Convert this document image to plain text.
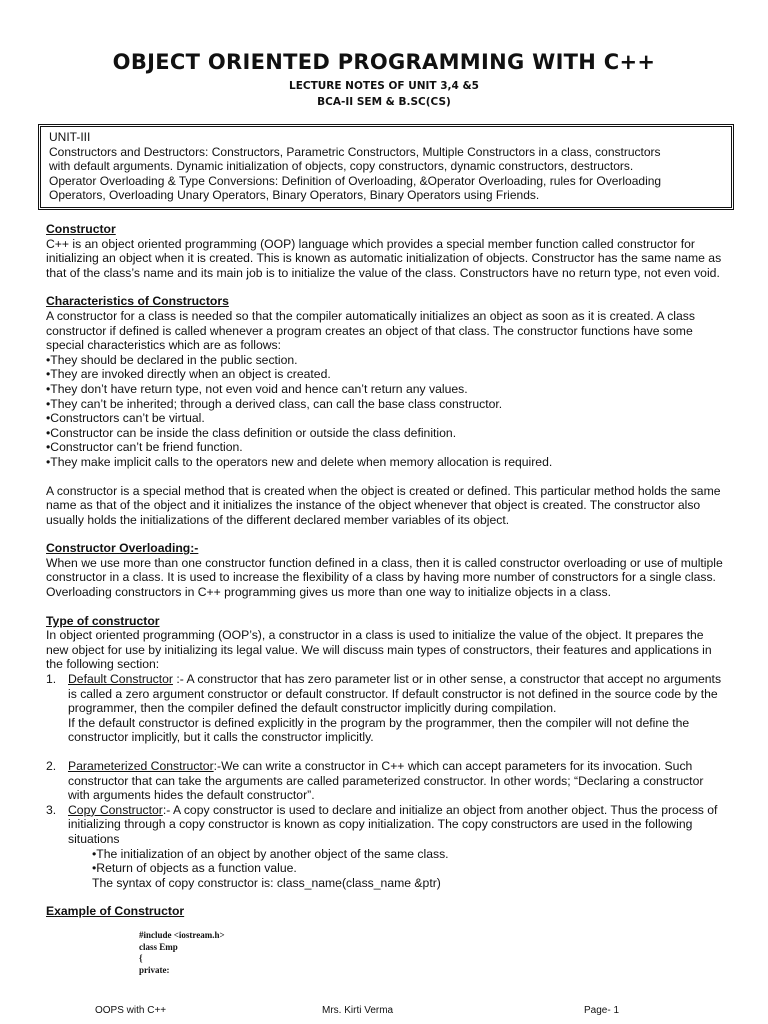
OBJECT ORIENTED PROGRAMMING WITH C++
LECTURE NOTES OF UNIT 3,4 &5
BCA-II SEM & B.SC(CS)
UNIT-III
Constructors and Destructors: Constructors, Parametric Constructors, Multiple Constructors in a class, constructors
with default arguments. Dynamic initialization of objects, copy constructors, dynamic constructors, destructors.
Operator Overloading & Type Conversions: Definition of Overloading, &Operator Overloading, rules for Overloading
Operators, Overloading Unary Operators, Binary Operators, Binary Operators using Friends.
Constructor
C++ is an object oriented programming (OOP) language which provides a special member function called constructor for initializing an object when it is created. This is known as automatic initialization of objects. Constructor has the same name as that of the class’s name and its main job is to initialize the value of the class. Constructors have no return type, not even void.
Characteristics of Constructors
A constructor for a class is needed so that the compiler automatically initializes an object as soon as it is created. A class constructor if defined is called whenever a program creates an object of that class. The constructor functions have some special characteristics which are as follows:
• They should be declared in the public section.
• They are invoked directly when an object is created.
• They don’t have return type, not even void and hence can’t return any values.
• They can’t be inherited; through a derived class, can call the base class constructor.
• Constructors can’t be virtual.
• Constructor can be inside the class definition or outside the class definition.
• Constructor can’t be friend function.
• They make implicit calls to the operators new and delete when memory allocation is required.
A constructor is a special method that is created when the object is created or defined. This particular method holds the same name as that of the object and it initializes the instance of the object whenever that object is created. The constructor also usually holds the initializations of the different declared member variables of its object.
Constructor Overloading:-
When we use more than one constructor function defined in a class, then it is called constructor overloading or use of multiple constructor in a class. It is used to increase the flexibility of a class by having more number of constructors for a single class. Overloading constructors in C++ programming gives us more than one way to initialize objects in a class.
Type of constructor
In object oriented programming (OOP’s), a constructor in a class is used to initialize the value of the object. It prepares the new object for use by initializing its legal value. We will discuss main types of constructors, their features and applications in the following section:
1. Default Constructor :- A constructor that has zero parameter list or in other sense, a constructor that accept no arguments is called a zero argument constructor or default constructor. If default constructor is not defined in the source code by the programmer, then the compiler defined the default constructor implicitly during compilation.
If the default constructor is defined explicitly in the program by the programmer, then the compiler will not define the constructor implicitly, but it calls the constructor implicitly.
2. Parameterized Constructor:-We can write a constructor in C++ which can accept parameters for its invocation. Such constructor that can take the arguments are called parameterized constructor. In other words; “Declaring a constructor with arguments hides the default constructor”.
3. Copy Constructor:- A copy constructor is used to declare and initialize an object from another object. Thus the process of initializing through a copy constructor is known as copy initialization. The copy constructors are used in the following situations
• The initialization of an object by another object of the same class.
• Return of objects as a function value.
The syntax of copy constructor is: class_name(class_name &ptr)
Example of Constructor
#include <iostream.h>
class Emp
{
private:
OOPS with C++	Mrs. Kirti Verma	Page- 1
